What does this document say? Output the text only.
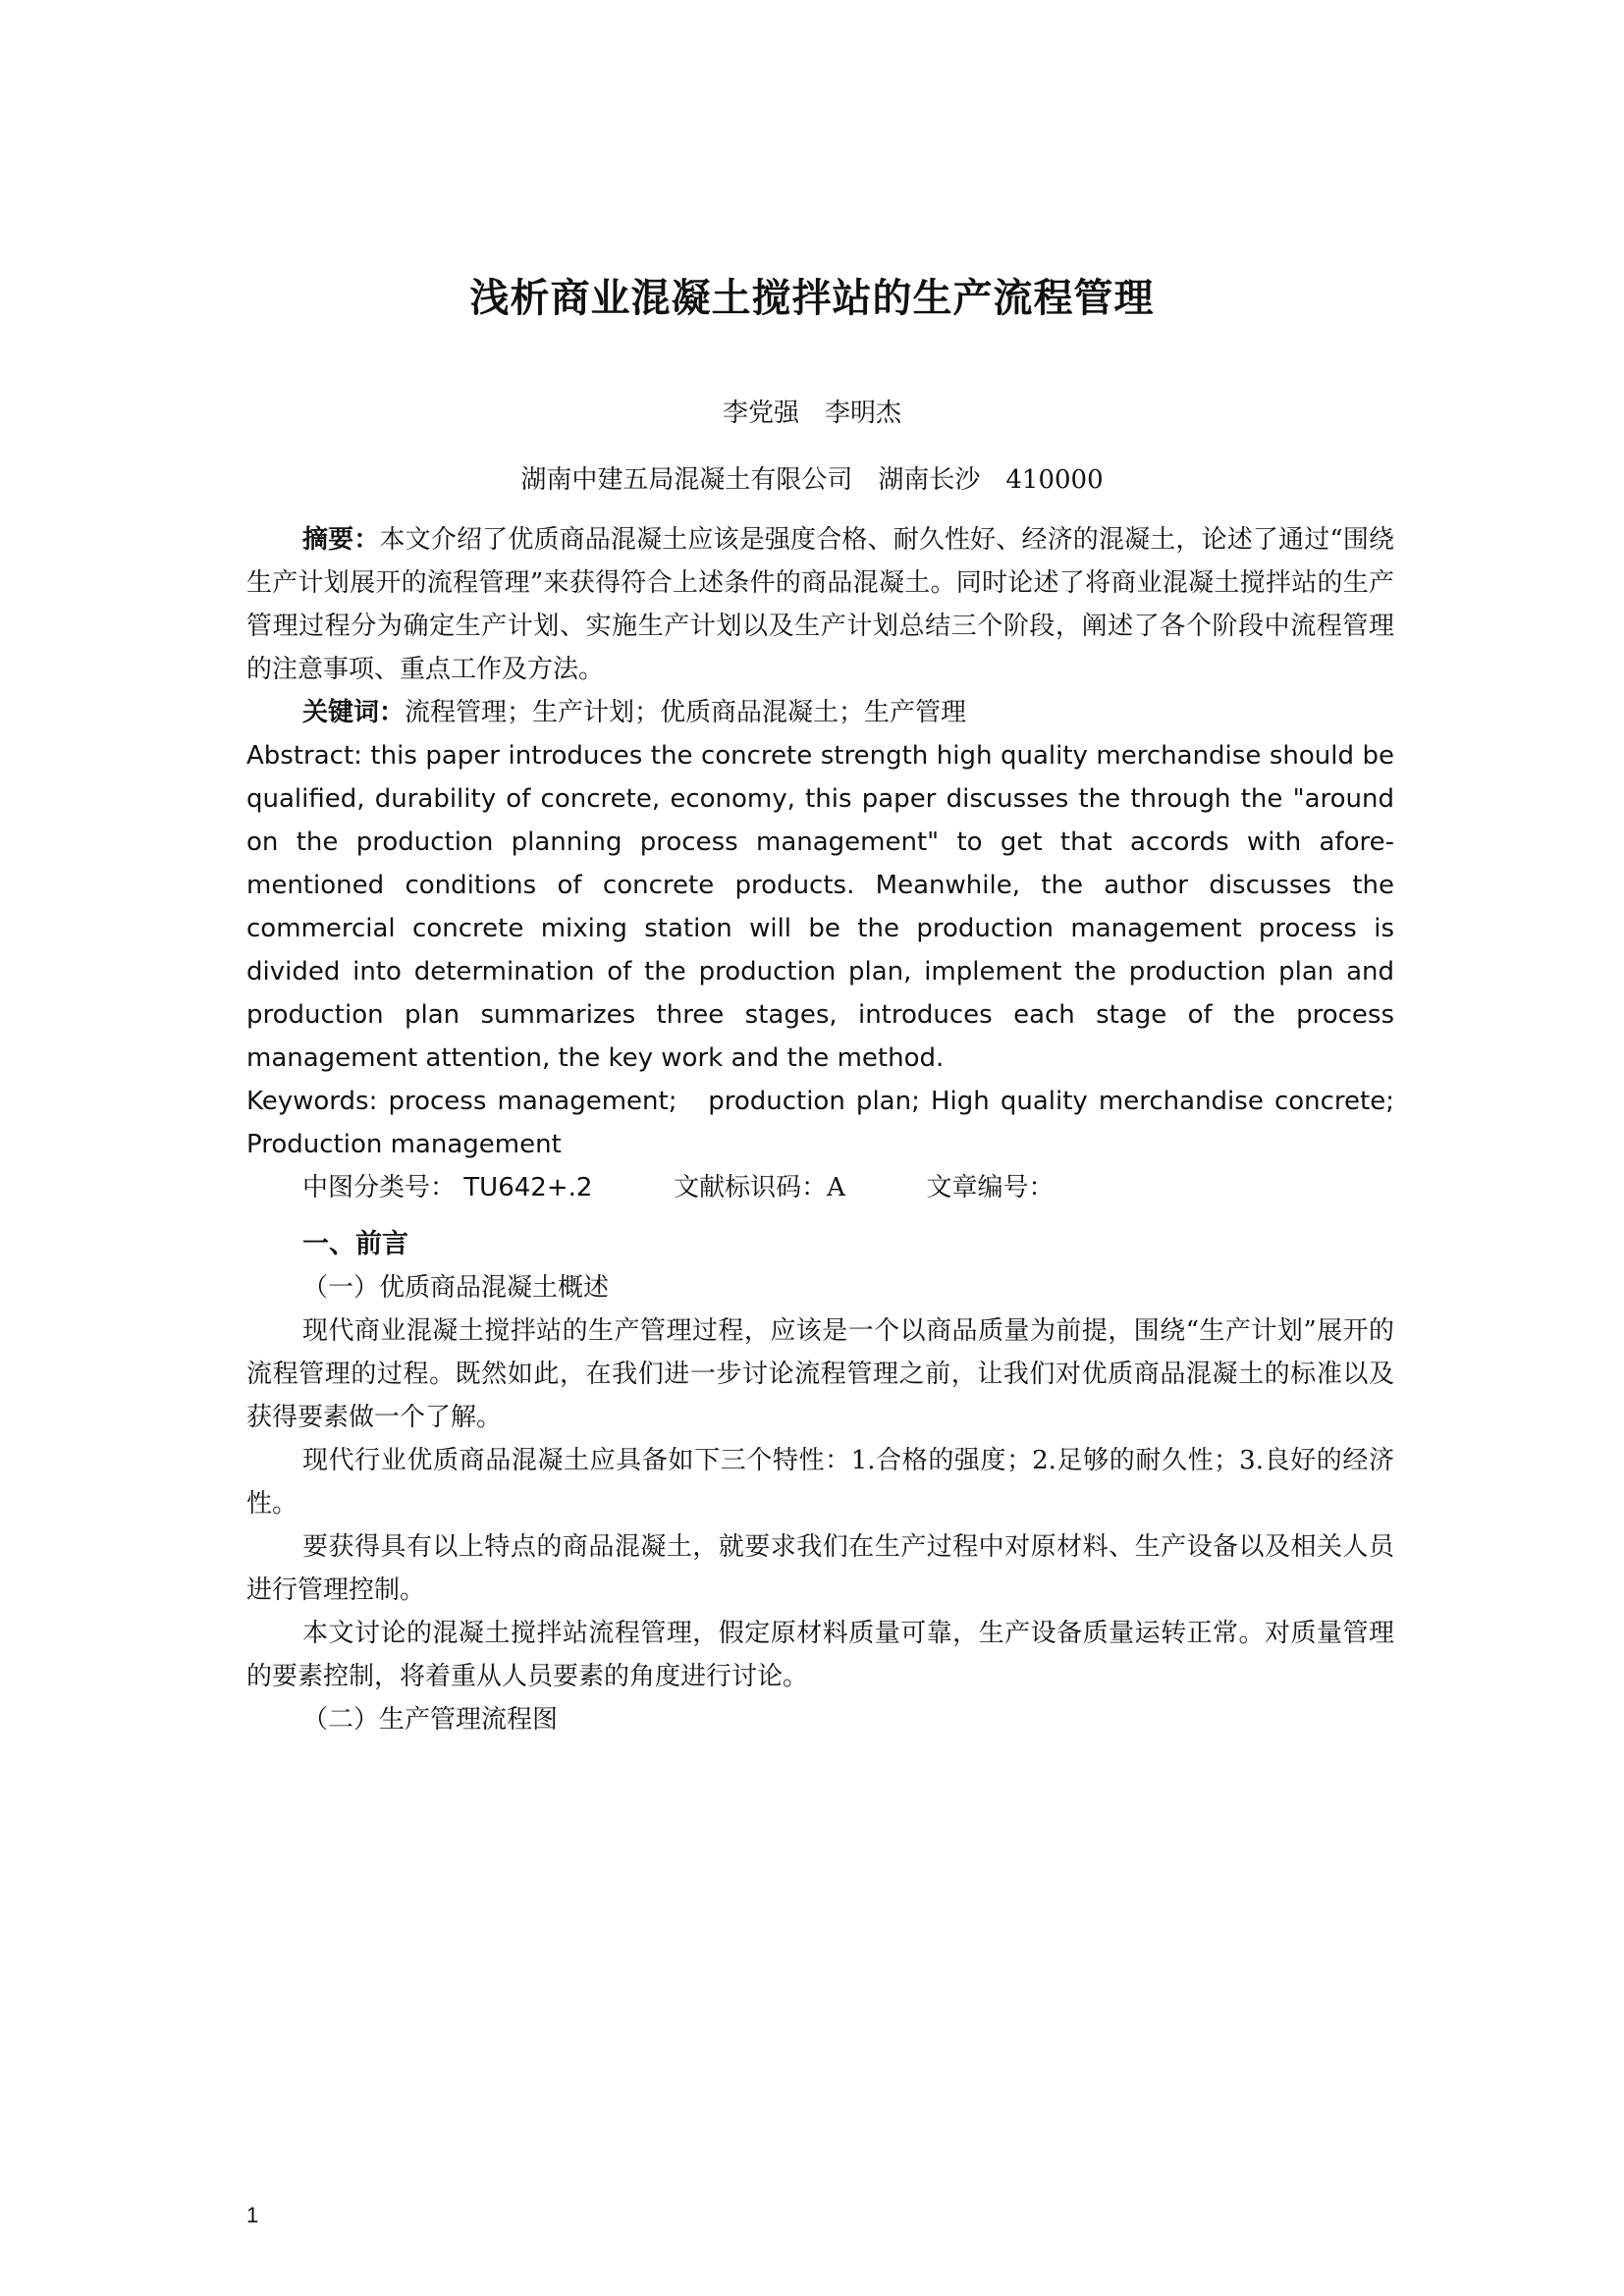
浅析商业混凝土搅拌站的生产流程管理
李党强　李明杰
湖南中建五局混凝土有限公司　湖南长沙　410000

摘要：本文介绍了优质商品混凝土应该是强度合格、耐久性好、经济的混凝土，论述了通过“围绕生产计划展开的流程管理”来获得符合上述条件的商品混凝土。同时论述了将商业混凝土搅拌站的生产管理过程分为确定生产计划、实施生产计划以及生产计划总结三个阶段，阐述了各个阶段中流程管理的注意事项、重点工作及方法。

关键词：流程管理；生产计划；优质商品混凝土；生产管理

Abstract: this paper introduces the concrete strength high quality merchandise should be qualified, durability of concrete, economy, this paper discusses the through the "around on the production planning process management" to get that accords with afore-mentioned conditions of concrete products. Meanwhile, the author discusses the commercial concrete mixing station will be the production management process is divided into determination of the production plan, implement the production plan and production plan summarizes three stages, introduces each stage of the process management attention, the key work and the method.

Keywords: process management;　production plan; High quality merchandise concrete; Production management

中图分类号： TU642+.2	文献标识码：A	文章编号：

一、前言

（一）优质商品混凝土概述

现代商业混凝土搅拌站的生产管理过程，应该是一个以商品质量为前提，围绕“生产计划”展开的流程管理的过程。既然如此，在我们进一步讨论流程管理之前，让我们对优质商品混凝土的标准以及获得要素做一个了解。

现代行业优质商品混凝土应具备如下三个特性：1.合格的强度；2.足够的耐久性；3.良好的经济性。

要获得具有以上特点的商品混凝土，就要求我们在生产过程中对原材料、生产设备以及相关人员进行管理控制。

本文讨论的混凝土搅拌站流程管理，假定原材料质量可靠，生产设备质量运转正常。对质量管理的要素控制，将着重从人员要素的角度进行讨论。

（二）生产管理流程图

1
